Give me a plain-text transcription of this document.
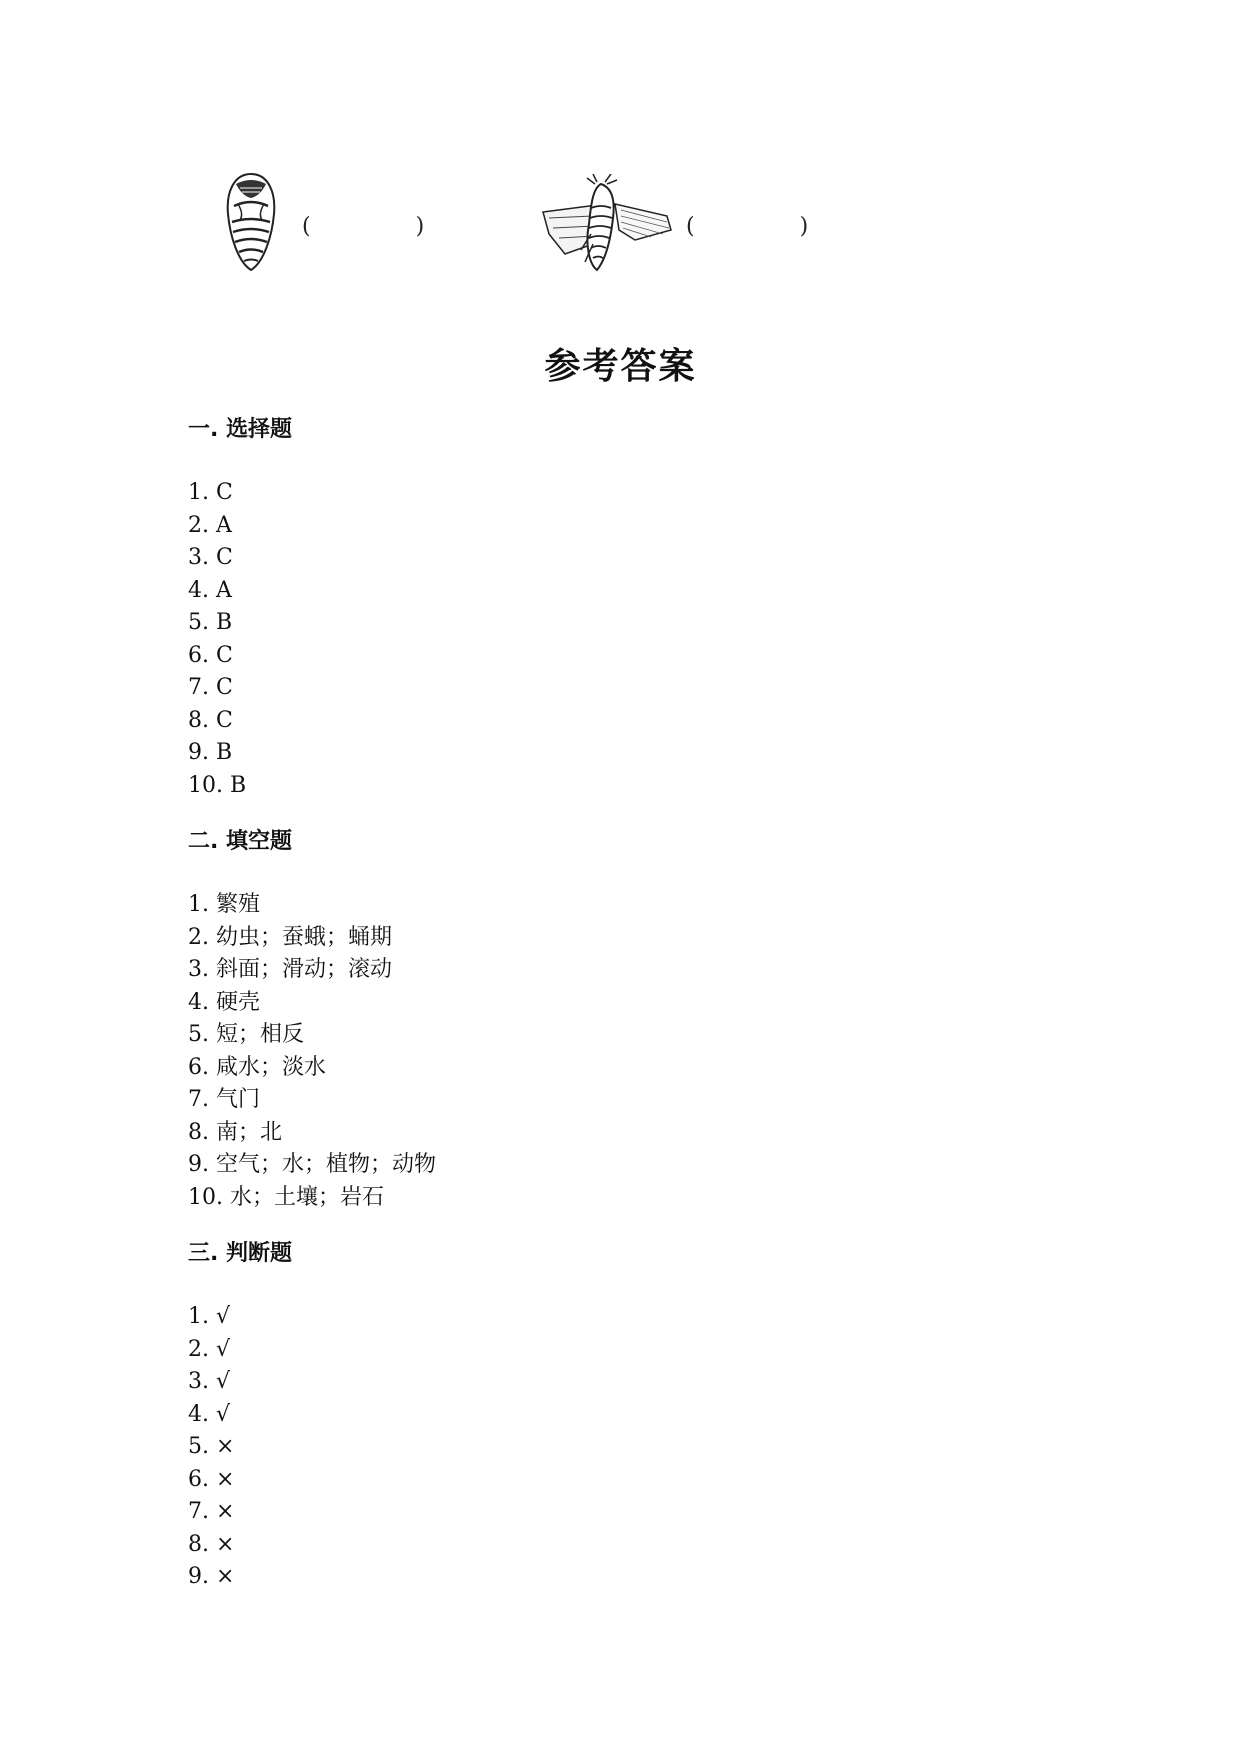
(	)	(	)
参考答案
一. 选择题
1. C
2. A
3. C
4. A
5. B
6. C
7. C
8. C
9. B
10. B
二. 填空题
1. 繁殖
2. 幼虫；蚕蛾；蛹期
3. 斜面；滑动；滚动
4. 硬壳
5. 短；相反
6. 咸水；淡水
7. 气门
8. 南；北
9. 空气；水；植物；动物
10. 水；土壤；岩石
三. 判断题
1. √
2. √
3. √
4. √
5. ×
6. ×
7. ×
8. ×
9. ×
